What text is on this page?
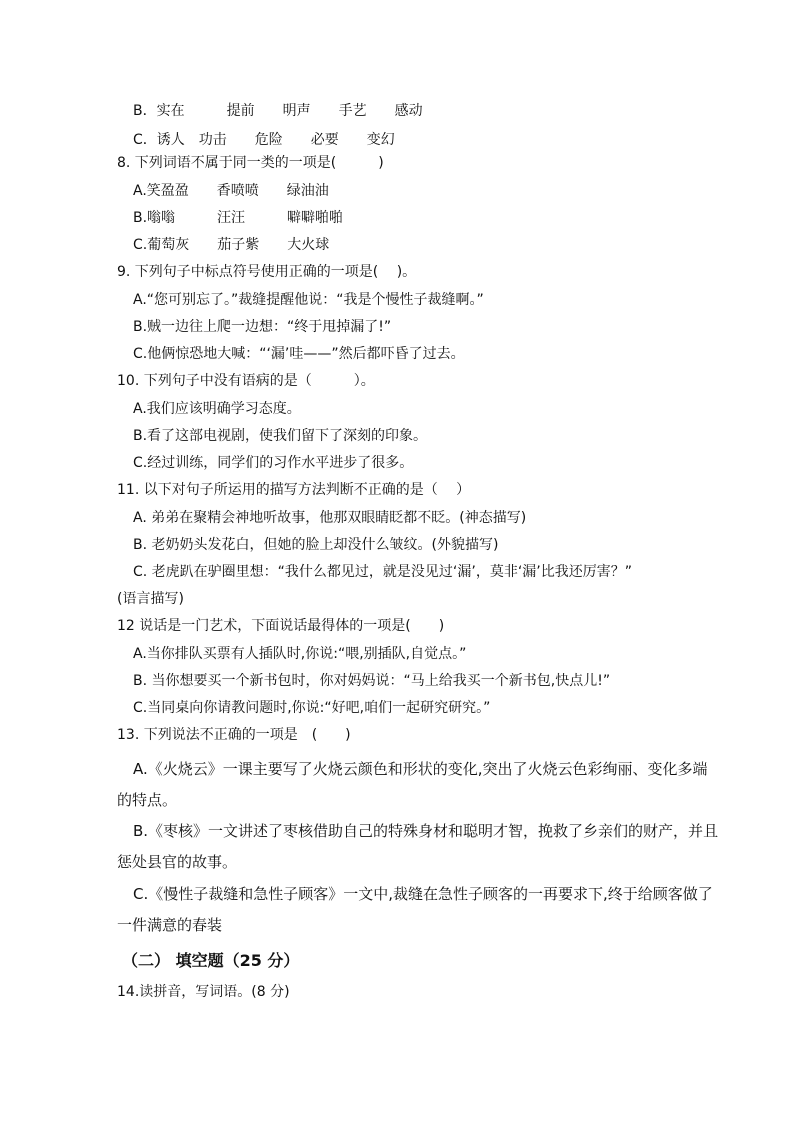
B．实在　　　提前　　明声　　手艺　　感动
C．诱人　功击　　危险　　必要　　变幻
8. 下列词语不属于同一类的一项是(　　　)
A.笑盈盈　　香喷喷　　绿油油
B.嗡嗡　　　汪汪　　　噼噼啪啪
C.葡萄灰　　茄子紫　　大火球
9. 下列句子中标点符号使用正确的一项是(　 )。
A.“您可别忘了。”裁缝提醒他说：“我是个慢性子裁缝啊。”
B.贼一边往上爬一边想：“终于甩掉漏了!”
C.他俩惊恐地大喊：“‘漏’哇——”然后都吓昏了过去。
10. 下列句子中没有语病的是（　　　）。
A.我们应该明确学习态度。
B.看了这部电视剧，使我们留下了深刻的印象。
C.经过训练，同学们的习作水平进步了很多。
11. 以下对句子所运用的描写方法判断不正确的是（　 ）
A. 弟弟在聚精会神地听故事，他那双眼睛眨都不眨。(神态描写)
B. 老奶奶头发花白，但她的脸上却没什么皱纹。(外貌描写)
C. 老虎趴在驴圈里想：“我什么都见过，就是没见过‘漏’，莫非‘漏’比我还厉害？”
(语言描写)
12 说话是一门艺术，下面说话最得体的一项是(　　)
A.当你排队买票有人插队时,你说:“喂,别插队,自觉点。”
B. 当你想要买一个新书包时，你对妈妈说：“马上给我买一个新书包,快点儿!”
C.当同桌向你请教问题时,你说:“好吧,咱们一起研究研究。”
13. 下列说法不正确的一项是　(　　)
A.《火烧云》一课主要写了火烧云颜色和形状的变化,突出了火烧云色彩绚丽、变化多端
的特点。
B.《枣核》一文讲述了枣核借助自己的特殊身材和聪明才智，挽救了乡亲们的财产，并且
惩处县官的故事。
C.《慢性子裁缝和急性子顾客》一文中,裁缝在急性子顾客的一再要求下,终于给顾客做了
一件满意的春装
（二） 填空题（25 分）
14.读拼音，写词语。(8 分)
